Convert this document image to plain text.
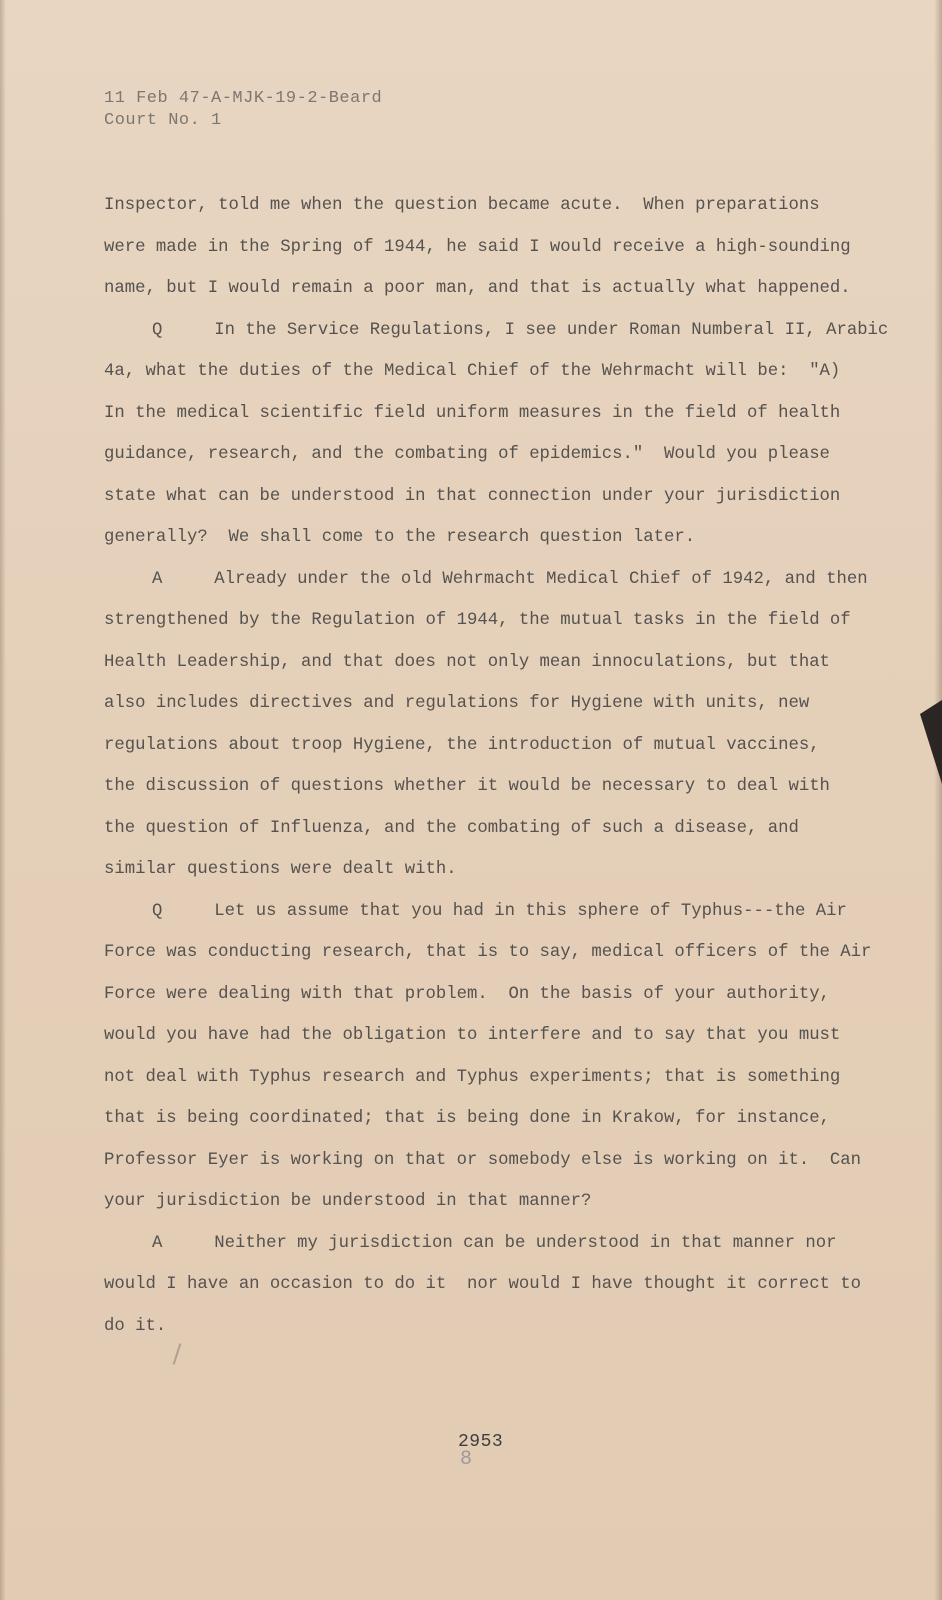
11 Feb 47-A-MJK-19-2-Beard
Court No. 1
Inspector, told me when the question became acute.  When preparations
were made in the Spring of 1944, he said I would receive a high-sounding
name, but I would remain a poor man, and that is actually what happened.
Q     In the Service Regulations, I see under Roman Numberal II, Arabic
4a, what the duties of the Medical Chief of the Wehrmacht will be:  "A)
In the medical scientific field uniform measures in the field of health
guidance, research, and the combating of epidemics."  Would you please
state what can be understood in that connection under your jurisdiction
generally?  We shall come to the research question later.
A     Already under the old Wehrmacht Medical Chief of 1942, and then
strengthened by the Regulation of 1944, the mutual tasks in the field of
Health Leadership, and that does not only mean innoculations, but that
also includes directives and regulations for Hygiene with units, new
regulations about troop Hygiene, the introduction of mutual vaccines,
the discussion of questions whether it would be necessary to deal with
the question of Influenza, and the combating of such a disease, and
similar questions were dealt with.
Q     Let us assume that you had in this sphere of Typhus---the Air
Force was conducting research, that is to say, medical officers of the Air
Force were dealing with that problem.  On the basis of your authority,
would you have had the obligation to interfere and to say that you must
not deal with Typhus research and Typhus experiments; that is something
that is being coordinated; that is being done in Krakow, for instance,
Professor Eyer is working on that or somebody else is working on it.  Can
your jurisdiction be understood in that manner?
A     Neither my jurisdiction can be understood in that manner nor
would I have an occasion to do it  nor would I have thought it correct to
do it.
2953
8
